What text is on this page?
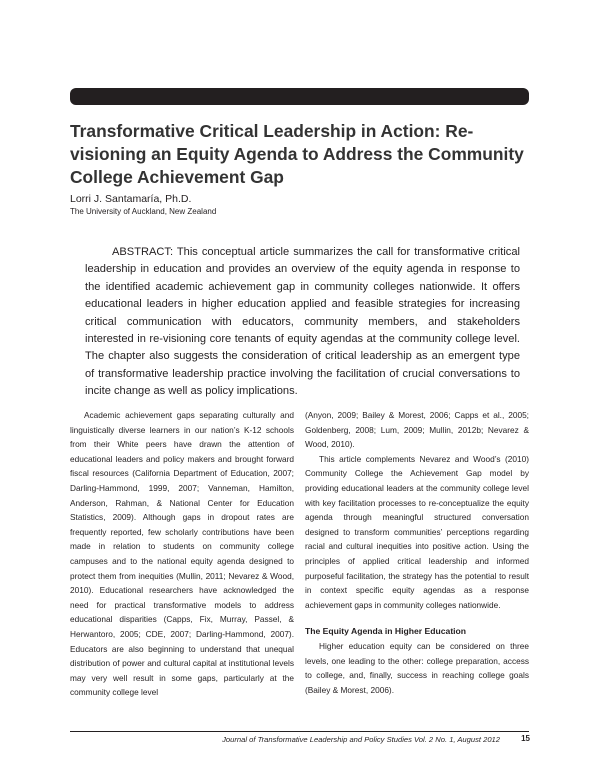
Transformative Critical Leadership in Action: Re-visioning an Equity Agenda to Address the Community College Achievement Gap
Lorri J. Santamaría, Ph.D.
The University of Auckland, New Zealand

ABSTRACT: This conceptual article summarizes the call for transformative critical leadership in education and provides an overview of the equity agenda in response to the identified academic achievement gap in community colleges nationwide. It offers educational leaders in higher education applied and feasible strategies for increasing critical communication with educators, community members, and stakeholders interested in re-visioning core tenants of equity agendas at the community college level. The chapter also suggests the consideration of critical leadership as an emergent type of transformative leadership practice involving the facilitation of crucial conversations to incite change as well as policy implications.

Academic achievement gaps separating culturally and linguistically diverse learners in our nation’s K-12 schools from their White peers have drawn the attention of educational leaders and policy makers and brought forward fiscal resources (California Department of Education, 2007; Darling-Hammond, 1999, 2007; Vanneman, Hamilton, Anderson, Rahman, & National Center for Education Statistics, 2009). Although gaps in dropout rates are frequently reported, few scholarly contributions have been made in relation to students on community college campuses and to the national equity agenda designed to protect them from inequities (Mullin, 2011; Nevarez & Wood, 2010). Educational researchers have acknowledged the need for practical transformative models to address educational disparities (Capps, Fix, Murray, Passel, & Herwantoro, 2005; CDE, 2007; Darling-Hammond, 2007). Educators are also beginning to understand that unequal distribution of power and cultural capital at institutional levels may very well result in some gaps, particularly at the community college level

(Anyon, 2009; Bailey & Morest, 2006; Capps et al., 2005; Goldenberg, 2008; Lum, 2009; Mullin, 2012b; Nevarez & Wood, 2010).

This article complements Nevarez and Wood’s (2010) Community College the Achievement Gap model by providing educational leaders at the community college level with key facilitation processes to re-conceptualize the equity agenda through meaningful structured conversation designed to transform communities’ perceptions regarding racial and cultural inequities into positive action. Using the principles of applied critical leadership and informed purposeful facilitation, the strategy has the potential to result in context specific equity agendas as a response achievement gaps in community colleges nationwide.

The Equity Agenda in Higher Education

Higher education equity can be considered on three levels, one leading to the other: college preparation, access to college, and, finally, success in reaching college goals (Bailey & Morest, 2006).

Journal of Transformative Leadership and Policy Studies Vol. 2 No. 1, August 2012	15
